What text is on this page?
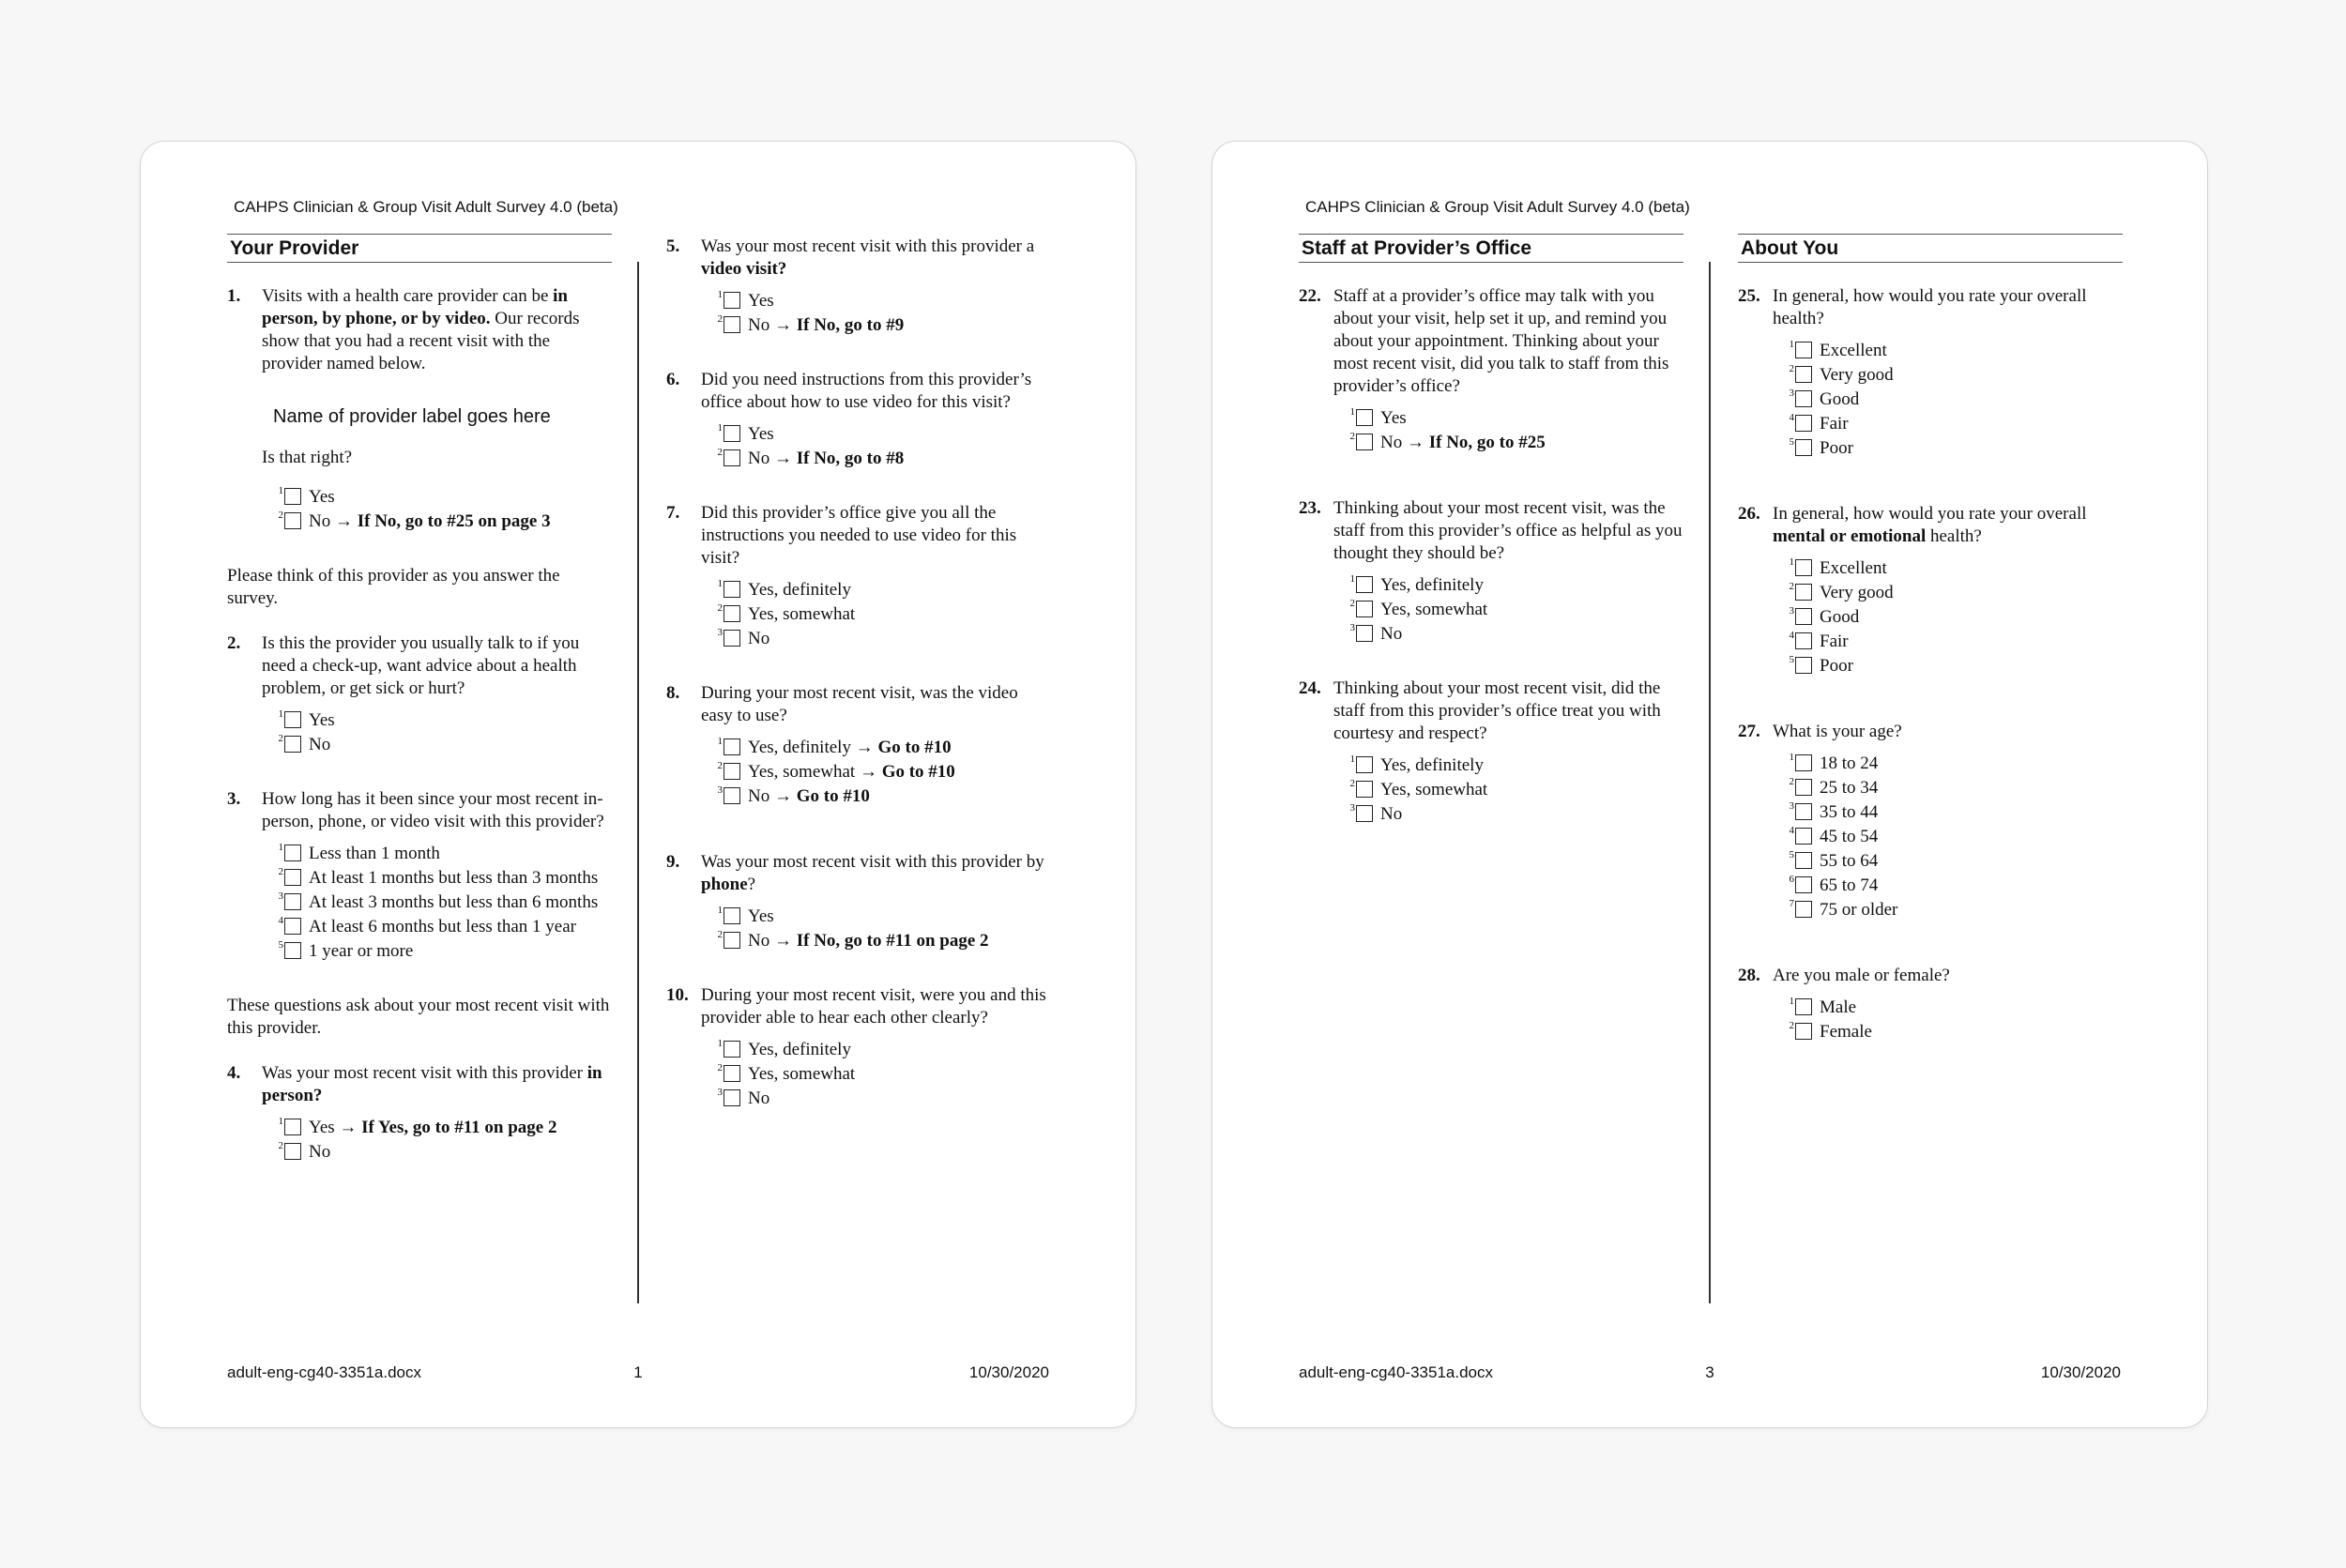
CAHPS Clinician & Group Visit Adult Survey 4.0 (beta)
Your Provider
1.	Visits with a health care provider can be in person, by phone, or by video. Our records show that you had a recent visit with the provider named below.
Name of provider label goes here
Is that right?
1 Yes
2 No → If No, go to #25 on page 3
Please think of this provider as you answer the survey.
2.	Is this the provider you usually talk to if you need a check-up, want advice about a health problem, or get sick or hurt?
1 Yes
2 No
3.	How long has it been since your most recent in-person, phone, or video visit with this provider?
1 Less than 1 month
2 At least 1 months but less than 3 months
3 At least 3 months but less than 6 months
4 At least 6 months but less than 1 year
5 1 year or more
These questions ask about your most recent visit with this provider.
4.	Was your most recent visit with this provider in person?
1 Yes → If Yes, go to #11 on page 2
2 No
5.	Was your most recent visit with this provider a video visit?
1 Yes
2 No → If No, go to #9
6.	Did you need instructions from this provider’s office about how to use video for this visit?
1 Yes
2 No → If No, go to #8
7.	Did this provider’s office give you all the instructions you needed to use video for this visit?
1 Yes, definitely
2 Yes, somewhat
3 No
8.	During your most recent visit, was the video easy to use?
1 Yes, definitely → Go to #10
2 Yes, somewhat → Go to #10
3 No → Go to #10
9.	Was your most recent visit with this provider by phone?
1 Yes
2 No → If No, go to #11 on page 2
10. During your most recent visit, were you and this provider able to hear each other clearly?
1 Yes, definitely
2 Yes, somewhat
3 No
adult-eng-cg40-3351a.docx	1	10/30/2020
CAHPS Clinician & Group Visit Adult Survey 4.0 (beta)
Staff at Provider’s Office
22. Staff at a provider’s office may talk with you about your visit, help set it up, and remind you about your appointment. Thinking about your most recent visit, did you talk to staff from this provider’s office?
1 Yes
2 No → If No, go to #25
23. Thinking about your most recent visit, was the staff from this provider’s office as helpful as you thought they should be?
1 Yes, definitely
2 Yes, somewhat
3 No
24. Thinking about your most recent visit, did the staff from this provider’s office treat you with courtesy and respect?
1 Yes, definitely
2 Yes, somewhat
3 No
About You
25. In general, how would you rate your overall health?
1 Excellent
2 Very good
3 Good
4 Fair
5 Poor
26. In general, how would you rate your overall mental or emotional health?
1 Excellent
2 Very good
3 Good
4 Fair
5 Poor
27. What is your age?
1 18 to 24
2 25 to 34
3 35 to 44
4 45 to 54
5 55 to 64
6 65 to 74
7 75 or older
28. Are you male or female?
1 Male
2 Female
adult-eng-cg40-3351a.docx	3	10/30/2020
